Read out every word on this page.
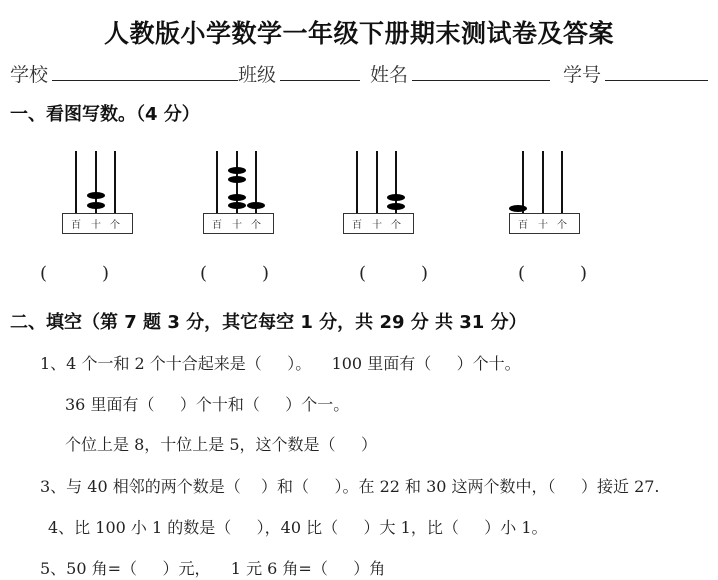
人教版小学数学一年级下册期末测试卷及答案
学校	班级	姓名	学号
一、看图写数。（4 分）
百 十 个	百 十 个	百 十 个	百 十 个
(	)	(	)	(	)	(	)
二、填空（第 7 题 3 分，其它每空 1 分，共 29 分 共 31 分）
1、4 个一和 2 个十合起来是（     ）。    100 里面有（     ）个十。
36 里面有（     ）个十和（     ）个一。
个位上是 8，十位上是 5，这个数是（     ）
3、与 40 相邻的两个数是（    ）和（     ）。在 22 和 30 这两个数中，（     ）接近 27.
4、比 100 小 1 的数是（     ），40 比（     ）大 1，比（     ）小 1。
5、50 角=（     ）元，    1 元 6 角=（     ）角
